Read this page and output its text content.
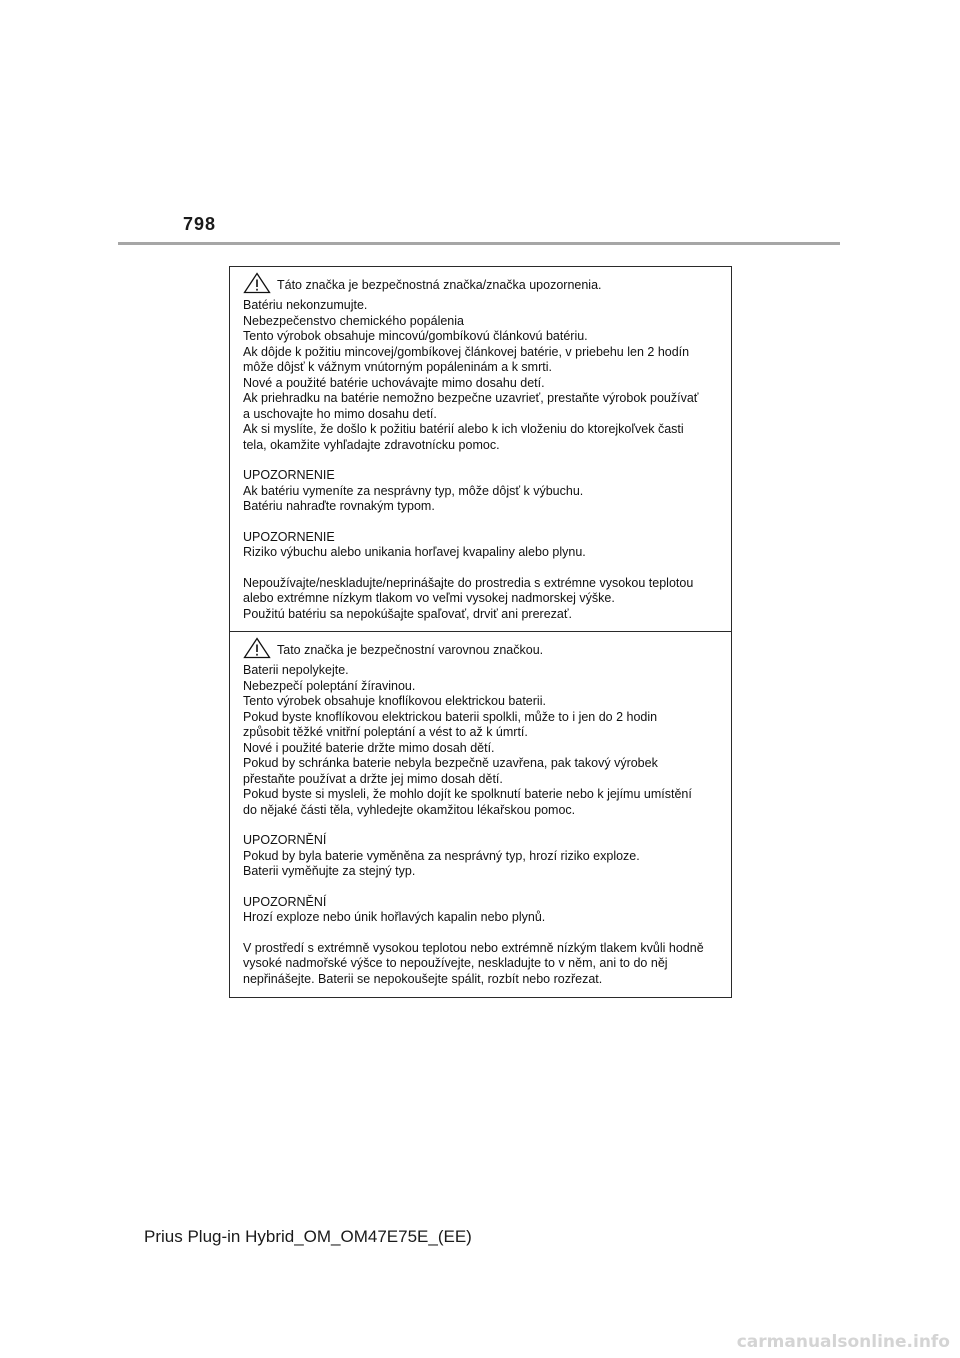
798
Táto značka je bezpečnostná značka/značka upozornenia.
Batériu nekonzumujte.
Nebezpečenstvo chemického popálenia
Tento výrobok obsahuje mincovú/gombíkovú článkovú batériu.
Ak dôjde k požitiu mincovej/gombíkovej článkovej batérie, v priebehu len 2 hodín
môže dôjsť k vážnym vnútorným popáleninám a k smrti.
Nové a použité batérie uchovávajte mimo dosahu detí.
Ak priehradku na batérie nemožno bezpečne uzavrieť, prestaňte výrobok používať
a uschovajte ho mimo dosahu detí.
Ak si myslíte, že došlo k požitiu batérií alebo k ich vloženiu do ktorejkoľvek časti
tela, okamžite vyhľadajte zdravotnícku pomoc.
UPOZORNENIE
Ak batériu vymeníte za nesprávny typ, môže dôjsť k výbuchu.
Batériu nahraďte rovnakým typom.
UPOZORNENIE
Riziko výbuchu alebo unikania horľavej kvapaliny alebo plynu.
Nepoužívajte/neskladujte/neprinášajte do prostredia s extrémne vysokou teplotou
alebo extrémne nízkym tlakom vo veľmi vysokej nadmorskej výške.
Použitú batériu sa nepokúšajte spaľovať, drviť ani prerezať.
Tato značka je bezpečnostní varovnou značkou.
Baterii nepolykejte.
Nebezpečí poleptání žíravinou.
Tento výrobek obsahuje knoflíkovou elektrickou baterii.
Pokud byste knoflíkovou elektrickou baterii spolkli, může to i jen do 2 hodin
způsobit těžké vnitřní poleptání a vést to až k úmrtí.
Nové i použité baterie držte mimo dosah dětí.
Pokud by schránka baterie nebyla bezpečně uzavřena, pak takový výrobek
přestaňte používat a držte jej mimo dosah dětí.
Pokud byste si mysleli, že mohlo dojít ke spolknutí baterie nebo k jejímu umístění
do nějaké části těla, vyhledejte okamžitou lékařskou pomoc.
UPOZORNĚNÍ
Pokud by byla baterie vyměněna za nesprávný typ, hrozí riziko exploze.
Baterii vyměňujte za stejný typ.
UPOZORNĚNÍ
Hrozí exploze nebo únik hořlavých kapalin nebo plynů.
V prostředí s extrémně vysokou teplotou nebo extrémně nízkým tlakem kvůli hodně
vysoké nadmořské výšce to nepoužívejte, neskladujte to v něm, ani to do něj
nepřinášejte. Baterii se nepokoušejte spálit, rozbít nebo rozřezat.
Prius Plug-in Hybrid_OM_OM47E75E_(EE)
carmanualsonline.info
